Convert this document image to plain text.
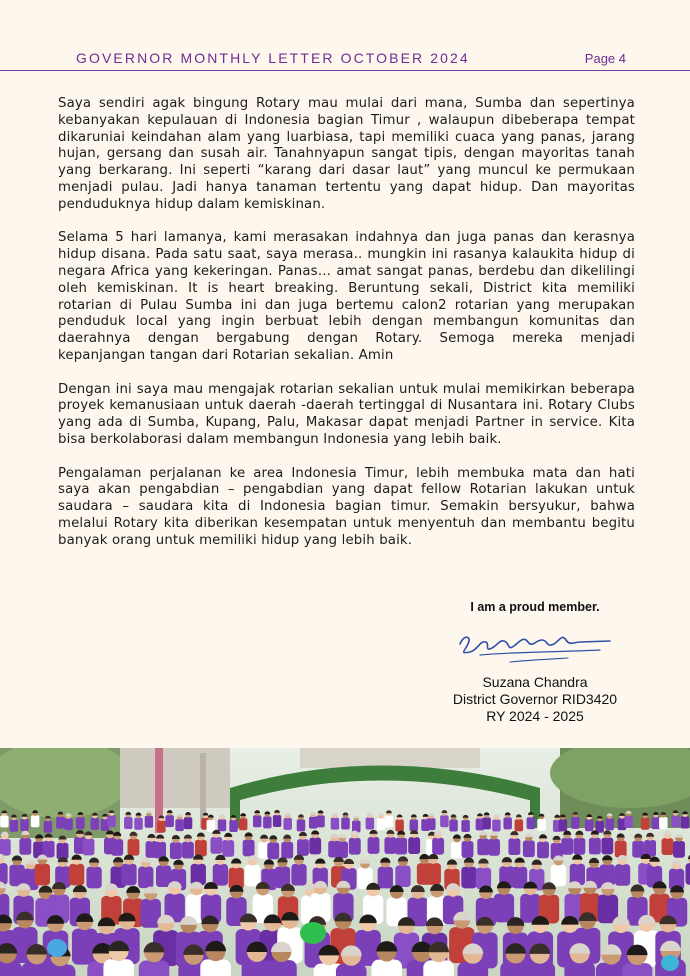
GOVERNOR MONTHLY LETTER OCTOBER 2024	Page 4

Saya sendiri agak bingung Rotary mau mulai dari mana, Sumba dan sepertinya kebanyakan kepulauan di Indonesia bagian Timur , walaupun dibeberapa tempat dikaruniai keindahan alam yang luarbiasa, tapi memiliki cuaca yang panas, jarang hujan, gersang dan susah air. Tanahnyapun sangat tipis, dengan mayoritas tanah yang berkarang. Ini seperti “karang dari dasar laut” yang muncul ke permukaan menjadi pulau. Jadi hanya tanaman tertentu yang dapat hidup. Dan mayoritas penduduknya hidup dalam kemiskinan.

Selama 5 hari lamanya, kami merasakan indahnya dan juga panas dan kerasnya hidup disana. Pada satu saat, saya merasa.. mungkin ini rasanya kalaukita hidup di negara Africa yang kekeringan. Panas… amat sangat panas, berdebu dan dikelilingi oleh kemiskinan. It is heart breaking. Beruntung sekali, District kita memiliki rotarian di Pulau Sumba ini dan juga bertemu calon2 rotarian yang merupakan penduduk local yang ingin berbuat lebih dengan membangun komunitas dan daerahnya dengan bergabung dengan Rotary. Semoga mereka menjadi kepanjangan tangan dari Rotarian sekalian. Amin

Dengan ini saya mau mengajak rotarian sekalian untuk mulai memikirkan beberapa proyek kemanusiaan untuk daerah -daerah tertinggal di Nusantara ini. Rotary Clubs yang ada di Sumba, Kupang, Palu, Makasar dapat menjadi Partner in service. Kita bisa berkolaborasi dalam membangun Indonesia yang lebih baik.

Pengalaman perjalanan ke area Indonesia Timur, lebih membuka mata dan hati saya akan pengabdian – pengabdian yang dapat fellow Rotarian lakukan untuk saudara – saudara kita di Indonesia bagian timur. Semakin bersyukur, bahwa melalui Rotary kita diberikan kesempatan untuk menyentuh dan membantu begitu banyak orang untuk memiliki hidup yang lebih baik.

I am a proud member.
Suzana Chandra
District Governor RID3420
RY 2024 - 2025
